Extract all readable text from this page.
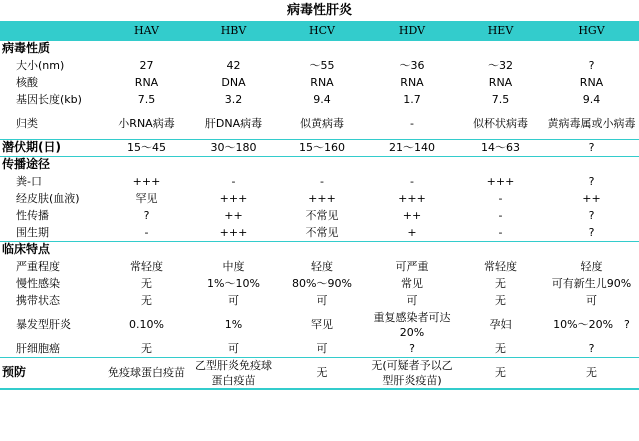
病毒性肝炎
	HAV	HBV	HCV	HDV	HEV	HGV
病毒性质						
大小(nm)	27	42	～55	～36	～32	?
核酸	RNA	DNA	RNA	RNA	RNA	RNA
基因长度(kb)	7.5	3.2	9.4	1.7	7.5	9.4
归类	小RNA病毒	肝DNA病毒	似黄病毒	-	似杯状病毒	黄病毒属或小病毒
潜伏期(日)	15～45	30～180	15～160	21～140	14～63	?
传播途径						
粪-口	+++	-	-	-	+++	?
经皮肤(血液)	罕见	+++	+++	+++	-	++
性传播	?	++	不常见	++	-	?
围生期	-	+++	不常见	+	-	?
临床特点						
严重程度	常轻度	中度	轻度	可严重	常轻度	轻度
慢性感染	无	1%～10%	80%～90%	常见	无	可有新生儿90%
携带状态	无	可	可	可	无	可
暴发型肝炎	0.10%	1%	罕见	重复感染者可达20%	孕妇	10%～20%　?
肝细胞癌	无	可	可	?	无	?
预防	免疫球蛋白疫苗	乙型肝炎免疫球蛋白疫苗	无	无(可疑者予以乙型肝炎疫苗)	无	无
